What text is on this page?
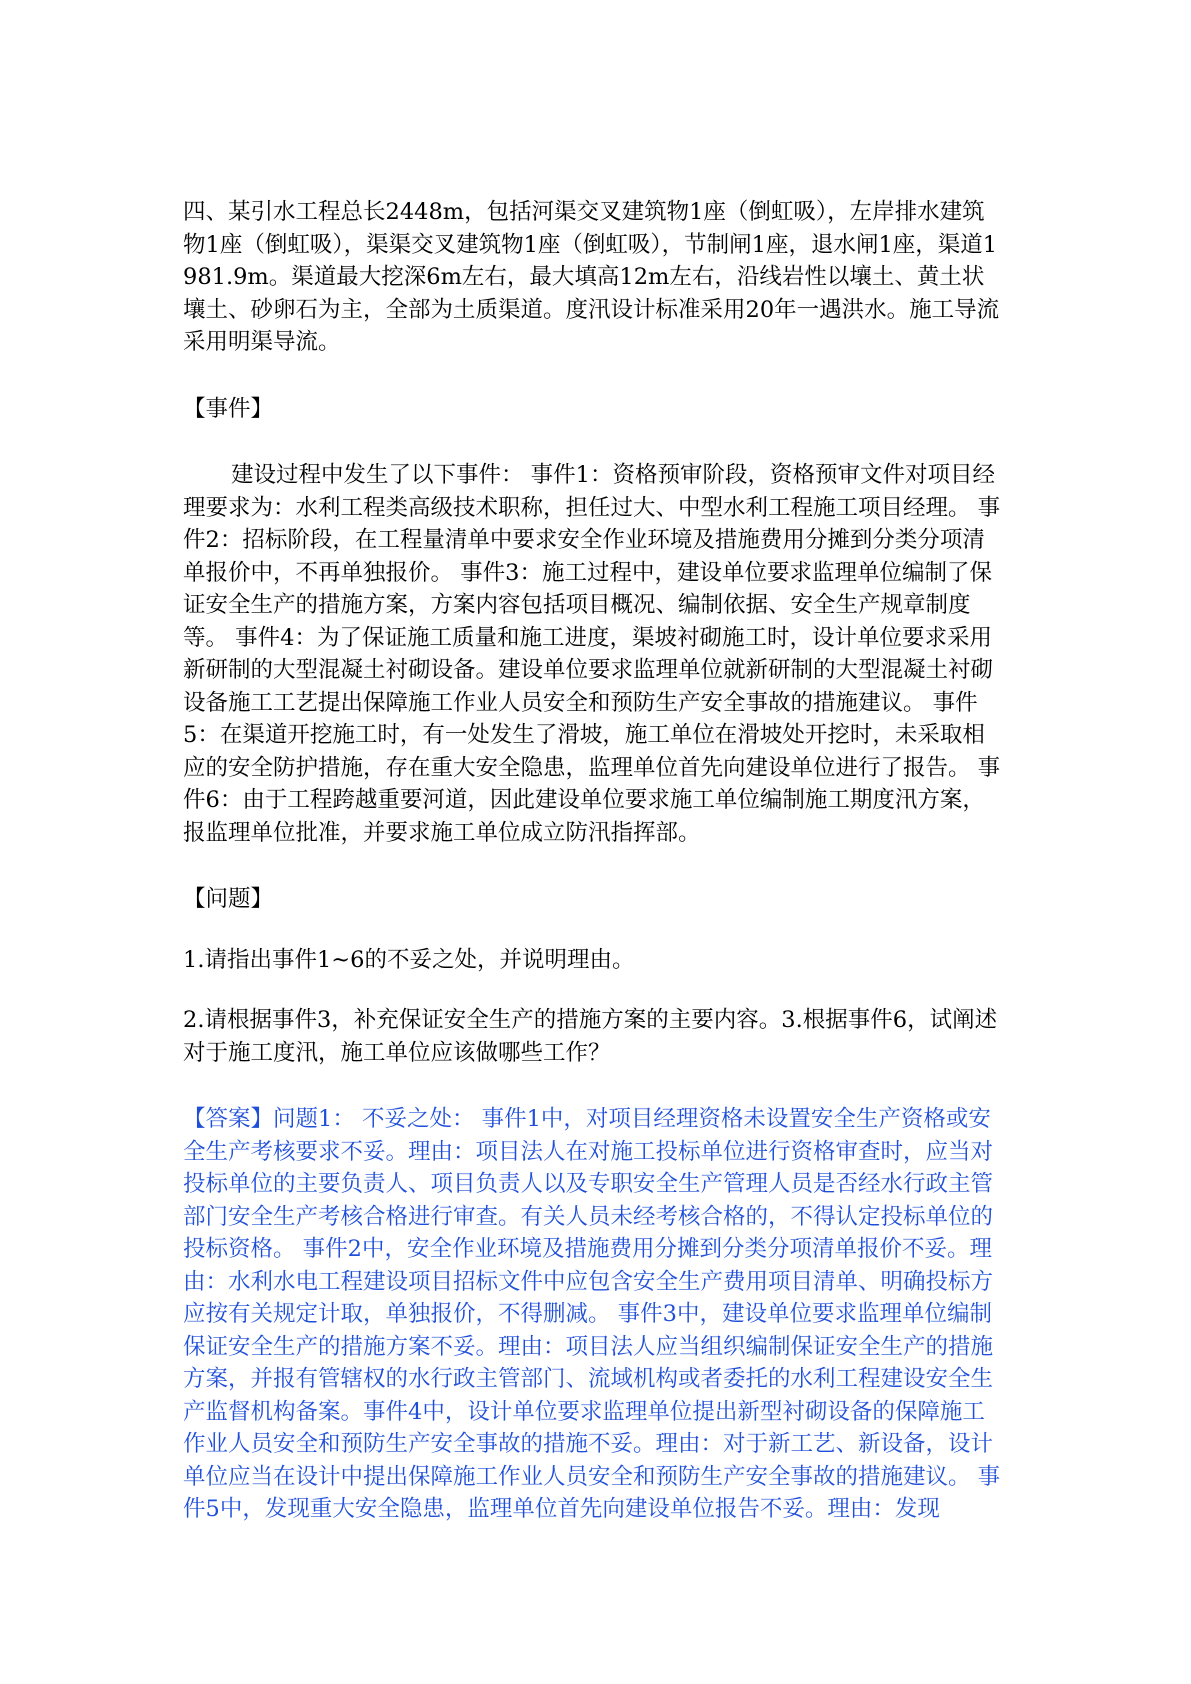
四、某引水工程总长2448m，包括河渠交叉建筑物1座（倒虹吸），左岸排水建筑物1座（倒虹吸），渠渠交叉建筑物1座（倒虹吸），节制闸1座，退水闸1座，渠道1981.9m。渠道最大挖深6m左右，最大填高12m左右，沿线岩性以壤土、黄土状壤土、砂卵石为主，全部为土质渠道。度汛设计标准采用20年一遇洪水。施工导流采用明渠导流。

【事件】

建设过程中发生了以下事件： 事件1：资格预审阶段，资格预审文件对项目经理要求为：水利工程类高级技术职称，担任过大、中型水利工程施工项目经理。 事件2：招标阶段，在工程量清单中要求安全作业环境及措施费用分摊到分类分项清单报价中，不再单独报价。 事件3：施工过程中，建设单位要求监理单位编制了保证安全生产的措施方案，方案内容包括项目概况、编制依据、安全生产规章制度等。 事件4：为了保证施工质量和施工进度，渠坡衬砌施工时，设计单位要求采用新研制的大型混凝土衬砌设备。建设单位要求监理单位就新研制的大型混凝土衬砌设备施工工艺提出保障施工作业人员安全和预防生产安全事故的措施建议。 事件5：在渠道开挖施工时，有一处发生了滑坡，施工单位在滑坡处开挖时，未采取相应的安全防护措施，存在重大安全隐患，监理单位首先向建设单位进行了报告。 事件6：由于工程跨越重要河道，因此建设单位要求施工单位编制施工期度汛方案，报监理单位批准，并要求施工单位成立防汛指挥部。

【问题】

1.请指出事件1~6的不妥之处，并说明理由。

2.请根据事件3，补充保证安全生产的措施方案的主要内容。3.根据事件6，试阐述对于施工度汛，施工单位应该做哪些工作？

【答案】问题1： 不妥之处： 事件1中，对项目经理资格未设置安全生产资格或安全生产考核要求不妥。理由：项目法人在对施工投标单位进行资格审查时，应当对投标单位的主要负责人、项目负责人以及专职安全生产管理人员是否经水行政主管部门安全生产考核合格进行审查。有关人员未经考核合格的，不得认定投标单位的投标资格。 事件2中，安全作业环境及措施费用分摊到分类分项清单报价不妥。理由：水利水电工程建设项目招标文件中应包含安全生产费用项目清单、明确投标方应按有关规定计取，单独报价，不得删减。 事件3中，建设单位要求监理单位编制保证安全生产的措施方案不妥。理由：项目法人应当组织编制保证安全生产的措施方案，并报有管辖权的水行政主管部门、流域机构或者委托的水利工程建设安全生产监督机构备案。事件4中，设计单位要求监理单位提出新型衬砌设备的保障施工作业人员安全和预防生产安全事故的措施不妥。理由：对于新工艺、新设备，设计单位应当在设计中提出保障施工作业人员安全和预防生产安全事故的措施建议。 事件5中，发现重大安全隐患，监理单位首先向建设单位报告不妥。理由：发现
